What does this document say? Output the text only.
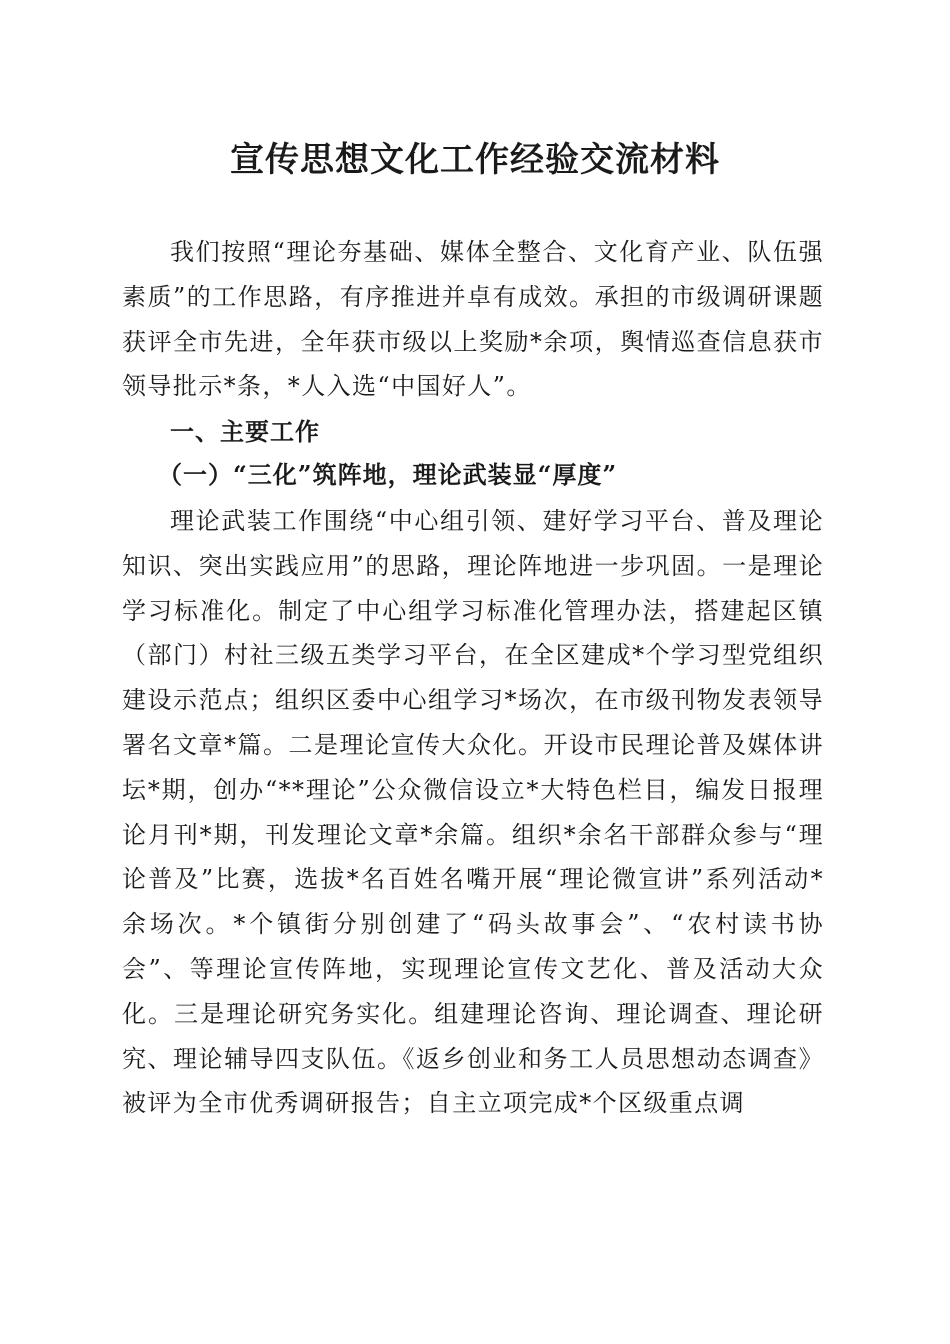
宣传思想文化工作经验交流材料

我们按照“理论夯基础、媒体全整合、文化育产业、队伍强素质”的工作思路，有序推进并卓有成效。承担的市级调研课题获评全市先进，全年获市级以上奖励*余项，舆情巡查信息获市领导批示*条，*人入选“中国好人”。

一、主要工作
（一）“三化”筑阵地，理论武装显“厚度”

理论武装工作围绕“中心组引领、建好学习平台、普及理论知识、突出实践应用”的思路，理论阵地进一步巩固。一是理论学习标准化。制定了中心组学习标准化管理办法，搭建起区镇（部门）村社三级五类学习平台，在全区建成*个学习型党组织建设示范点；组织区委中心组学习*场次，在市级刊物发表领导署名文章*篇。二是理论宣传大众化。开设市民理论普及媒体讲坛*期，创办“**理论”公众微信设立*大特色栏目，编发日报理论月刊*期，刊发理论文章*余篇。组织*余名干部群众参与“理论普及”比赛，选拔*名百姓名嘴开展“理论微宣讲”系列活动*余场次。*个镇街分别创建了“码头故事会”、“农村读书协会”、等理论宣传阵地，实现理论宣传文艺化、普及活动大众化。三是理论研究务实化。组建理论咨询、理论调查、理论研究、理论辅导四支队伍。《返乡创业和务工人员思想动态调查》被评为全市优秀调研报告；自主立项完成*个区级重点调
